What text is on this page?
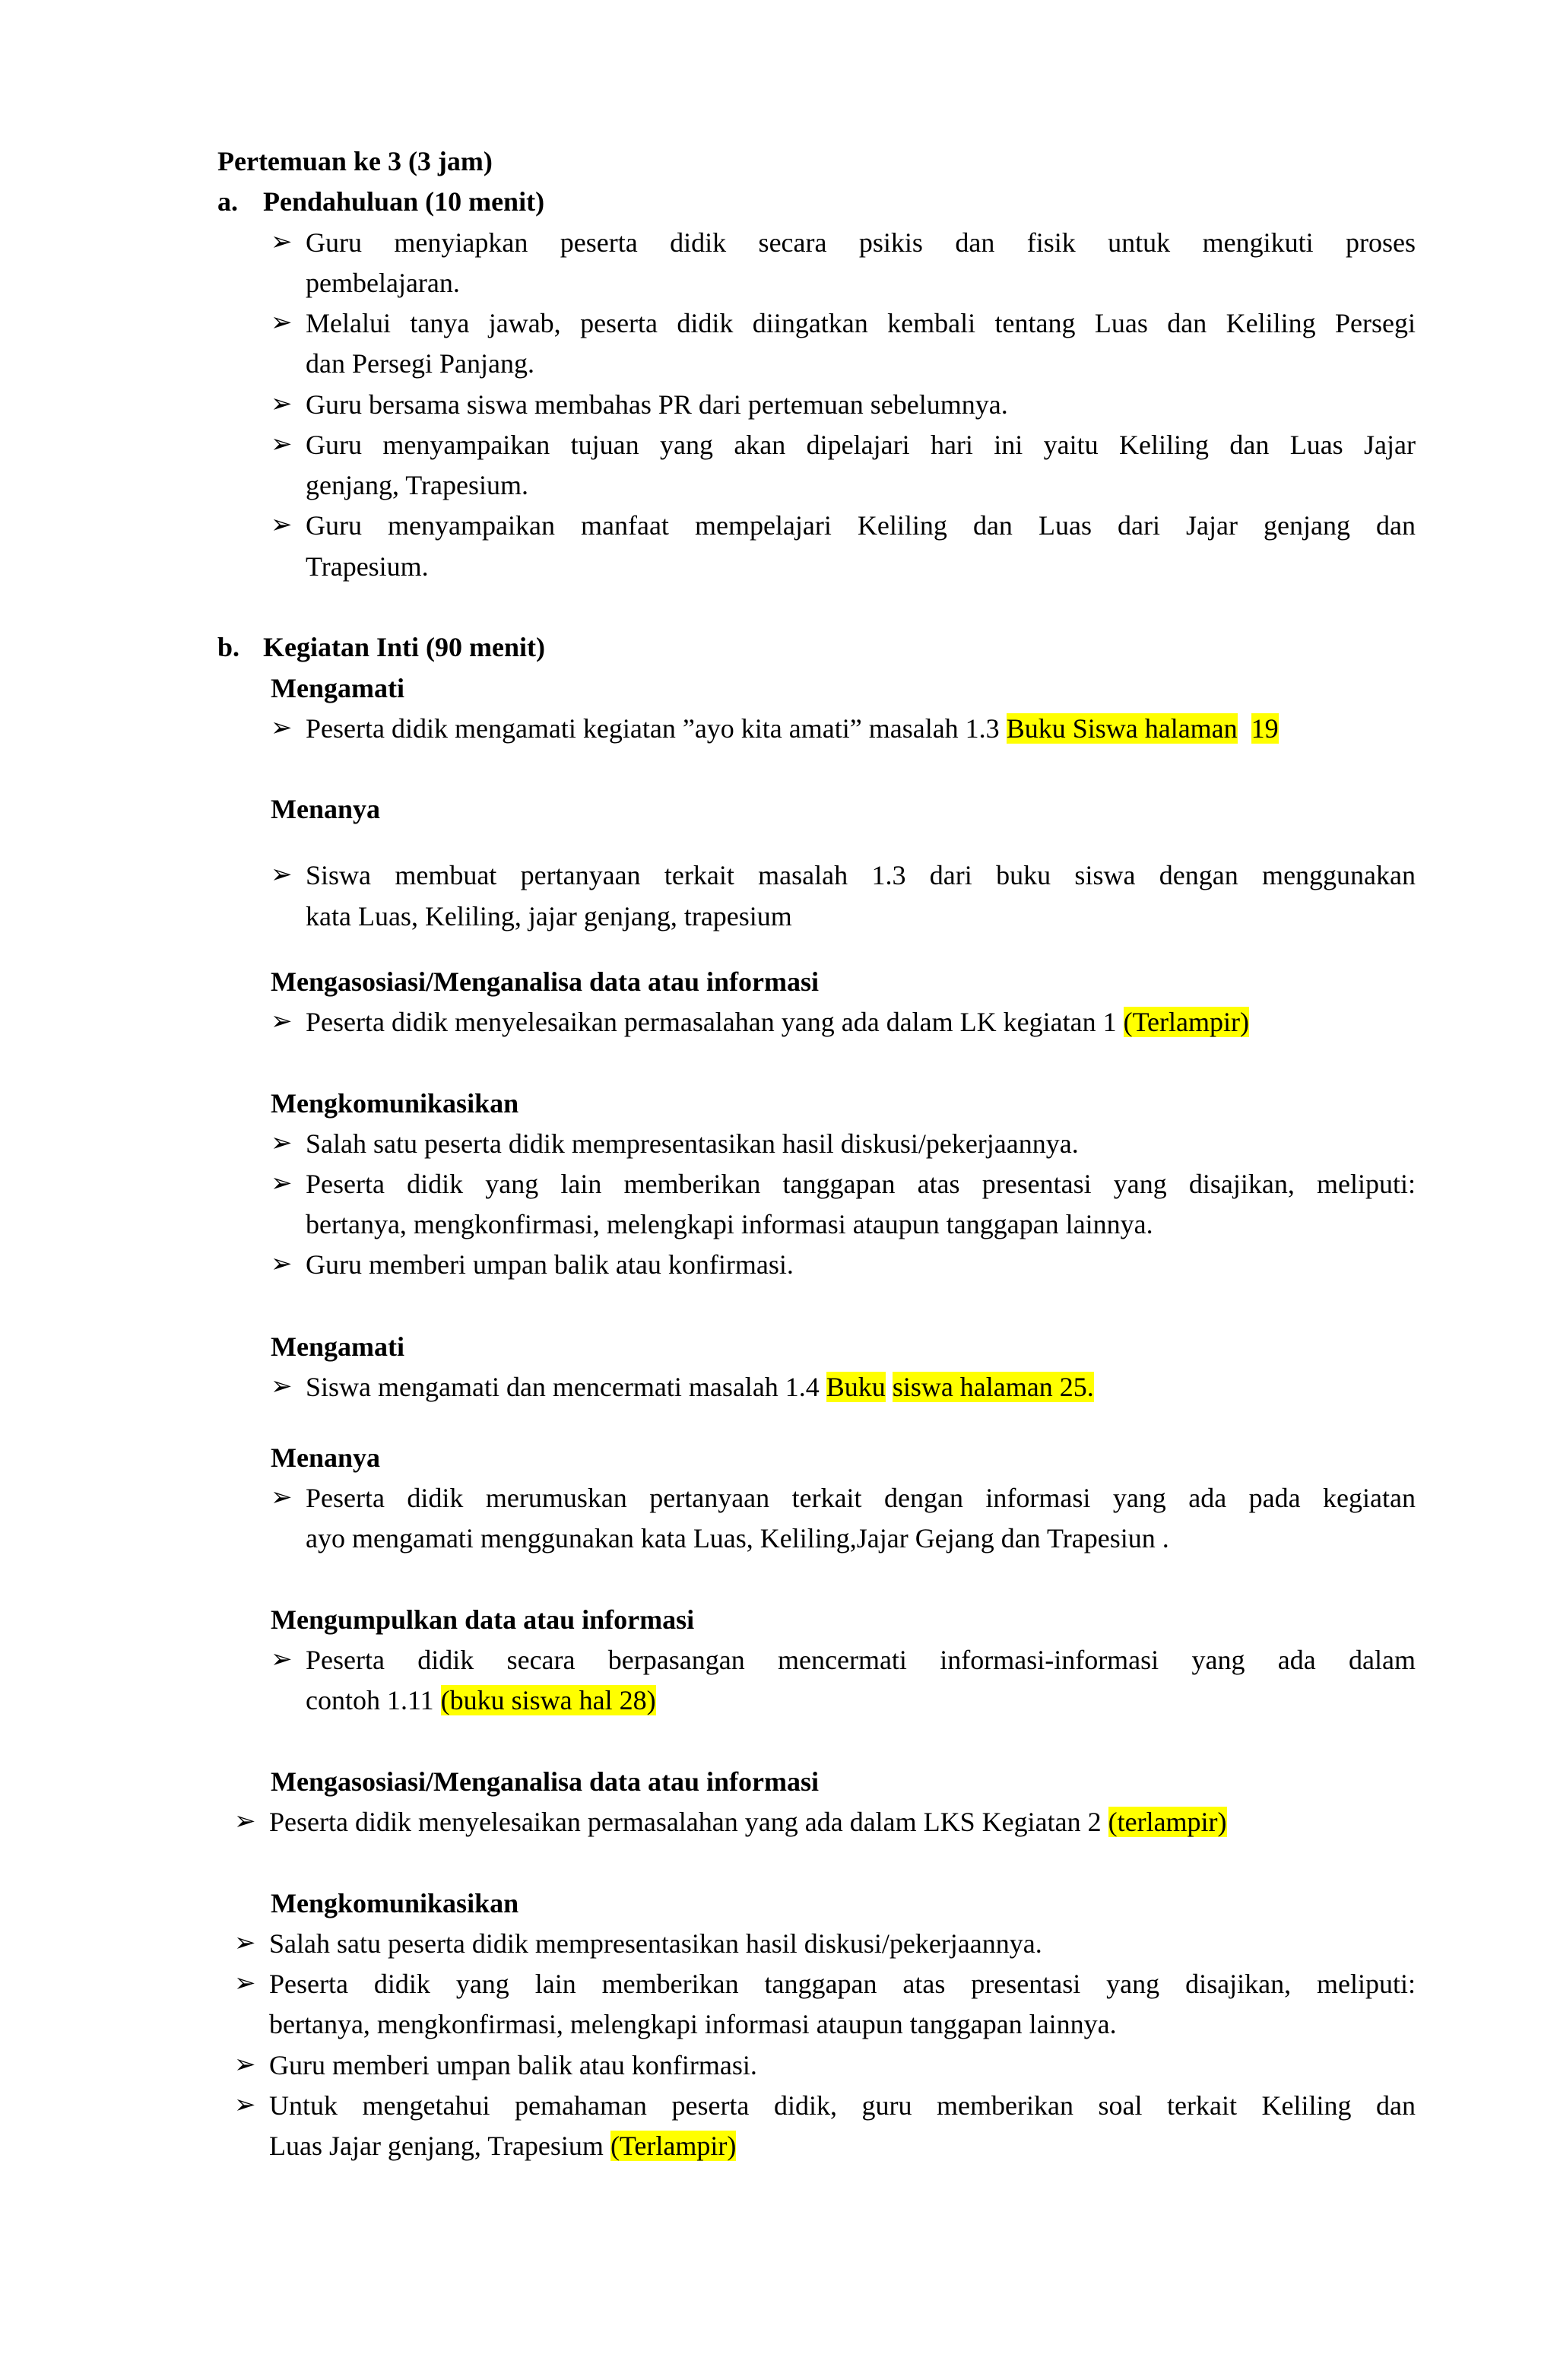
Pertemuan ke 3 (3 jam)
a. Pendahuluan (10 menit)
➢ Guru menyiapkan peserta didik secara psikis dan fisik untuk mengikuti proses
pembelajaran.
➢ Melalui tanya jawab, peserta didik diingatkan kembali tentang Luas dan Keliling Persegi
dan Persegi Panjang.
➢ Guru bersama siswa membahas PR dari pertemuan sebelumnya.
➢ Guru menyampaikan tujuan yang akan dipelajari hari ini yaitu Keliling dan Luas Jajar
genjang, Trapesium.
➢ Guru menyampaikan manfaat mempelajari Keliling dan Luas dari Jajar genjang dan
Trapesium.
b. Kegiatan Inti (90 menit)
Mengamati
➢ Peserta didik mengamati kegiatan ”ayo kita amati” masalah 1.3 Buku Siswa halaman 19
Menanya
➢ Siswa membuat pertanyaan terkait masalah 1.3 dari buku siswa dengan menggunakan
kata Luas, Keliling, jajar genjang, trapesium
Mengasosiasi/Menganalisa data atau informasi
➢ Peserta didik menyelesaikan permasalahan yang ada dalam LK kegiatan 1 (Terlampir)
Mengkomunikasikan
➢ Salah satu peserta didik mempresentasikan hasil diskusi/pekerjaannya.
➢ Peserta didik yang lain memberikan tanggapan atas presentasi yang disajikan, meliputi:
bertanya, mengkonfirmasi, melengkapi informasi ataupun tanggapan lainnya.
➢ Guru memberi umpan balik atau konfirmasi.
Mengamati
➢ Siswa mengamati dan mencermati masalah 1.4 Buku siswa halaman 25.
Menanya
➢ Peserta didik merumuskan pertanyaan terkait dengan informasi yang ada pada kegiatan
ayo mengamati menggunakan kata Luas, Keliling,Jajar Gejang dan Trapesiun .
Mengumpulkan data atau informasi
➢ Peserta didik secara berpasangan mencermati informasi-informasi yang ada dalam
contoh 1.11 (buku siswa hal 28)
Mengasosiasi/Menganalisa data atau informasi
➢ Peserta didik menyelesaikan permasalahan yang ada dalam LKS Kegiatan 2 (terlampir)
Mengkomunikasikan
➢ Salah satu peserta didik mempresentasikan hasil diskusi/pekerjaannya.
➢ Peserta didik yang lain memberikan tanggapan atas presentasi yang disajikan, meliputi:
bertanya, mengkonfirmasi, melengkapi informasi ataupun tanggapan lainnya.
➢ Guru memberi umpan balik atau konfirmasi.
➢ Untuk mengetahui pemahaman peserta didik, guru memberikan soal terkait Keliling dan
Luas Jajar genjang, Trapesium (Terlampir)
